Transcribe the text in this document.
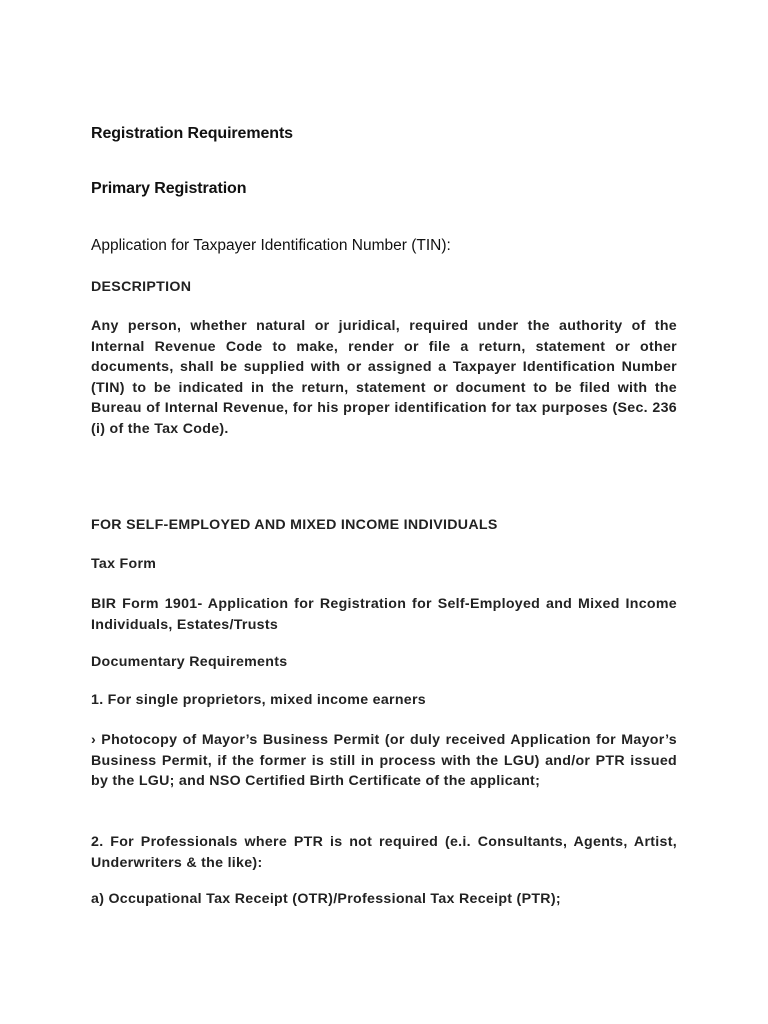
Registration Requirements
Primary Registration
Application for Taxpayer Identification Number (TIN):
DESCRIPTION
Any person, whether natural or juridical, required under the authority of the Internal Revenue Code to make, render or file a return, statement or other documents, shall be supplied with or assigned a Taxpayer Identification Number (TIN) to be indicated in the return, statement or document to be filed with the Bureau of Internal Revenue, for his proper identification for tax purposes (Sec. 236 (i) of the Tax Code).
FOR SELF-EMPLOYED AND MIXED INCOME INDIVIDUALS
Tax Form
BIR Form 1901- Application for Registration for Self-Employed and Mixed Income Individuals, Estates/Trusts
Documentary Requirements
1. For single proprietors, mixed income earners
› Photocopy of Mayor’s Business Permit (or duly received Application for Mayor’s Business Permit, if the former is still in process with the LGU) and/or PTR issued by the LGU; and NSO Certified Birth Certificate of the applicant;
2. For Professionals where PTR is not required (e.i. Consultants, Agents, Artist, Underwriters & the like):
a) Occupational Tax Receipt (OTR)/Professional Tax Receipt (PTR);
